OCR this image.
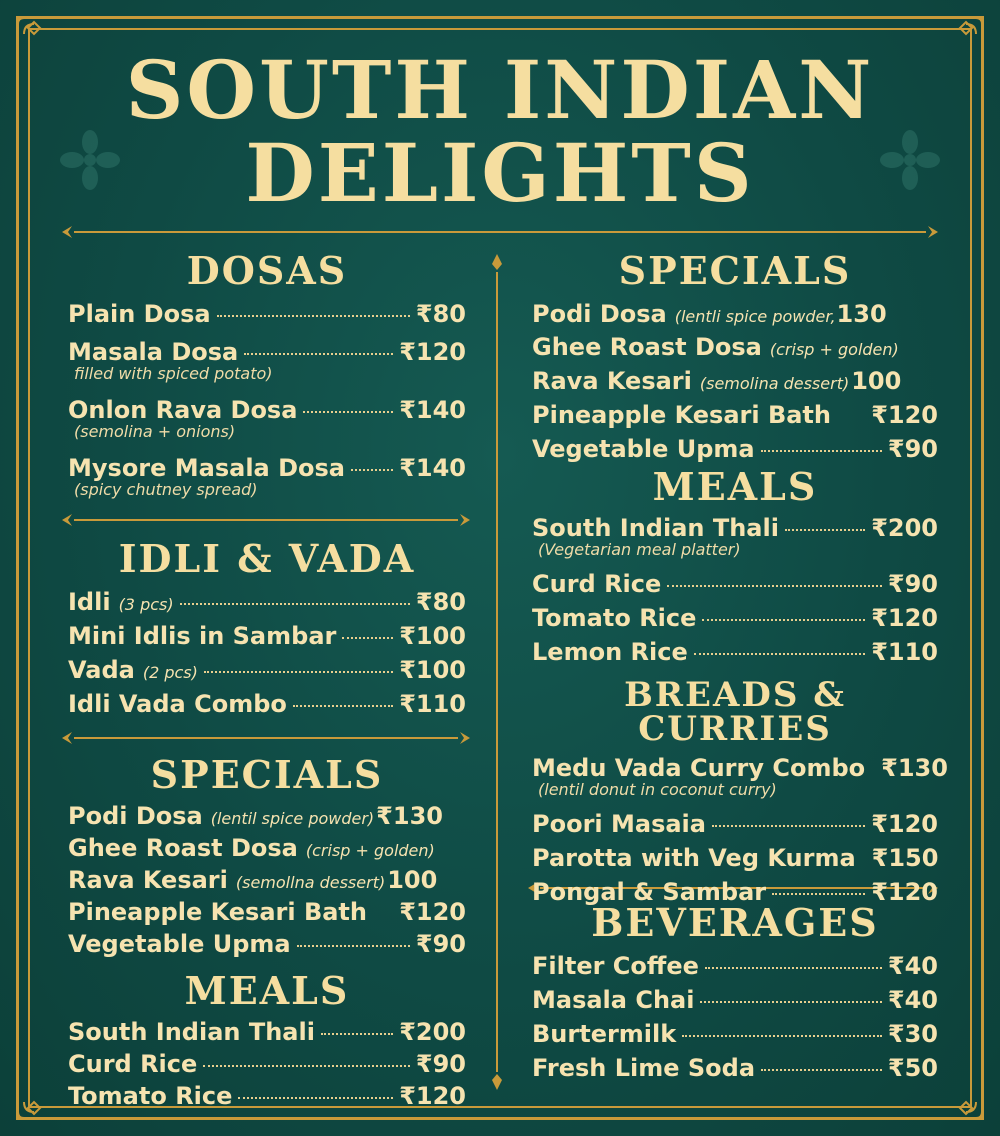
SOUTH INDIAN
DELIGHTS
DOSAS
Plain Dosa	₹80
Masala Dosa	₹120
filled with spiced potato)
Onlon Rava Dosa	₹140
(semolina + onions)
Mysore Masala Dosa ₹140
(spicy chutney spread)
IDLI & VADA
Idli (3 pcs)	₹80
Mini Idlis in Sambar	₹100
Vada (2 pcs)	₹100
Idli Vada Combo	₹110
SPECIALS
Podi Dosa (lentil spice powder) ₹130
Ghee Roast Dosa (crisp + golden)
Rava Kesari (semollna dessert) 100
Pineapple Kesari Bath ₹120
Vegetable Upma	₹90
MEALS
South Indian Thali	₹200
Curd Rice	₹90
Tomato Rice	₹120
SPECIALS
Podi Dosa (lentli spice powder, 130
Ghee Roast Dosa (crisp + golden)
Rava Kesari (semolina dessert) 100
Pineapple Kesari Bath ₹120
Vegetable Upma	₹90
MEALS
South Indian Thali	₹200
(Vegetarian meal platter)
Curd Rice	₹90
Tomato Rice	₹120
Lemon Rice	₹110
BREADS & CURRIES
Medu Vada Curry Combo ₹130
(lentil donut in coconut curry)
Poori Masaia	₹120
Parotta with Veg Kurma ₹150
Pongal & Sambar	₹120
BEVERAGES
Filter Coffee	₹40
Masala Chai	₹40
Burtermilk	₹30
Fresh Lime Soda	₹50
